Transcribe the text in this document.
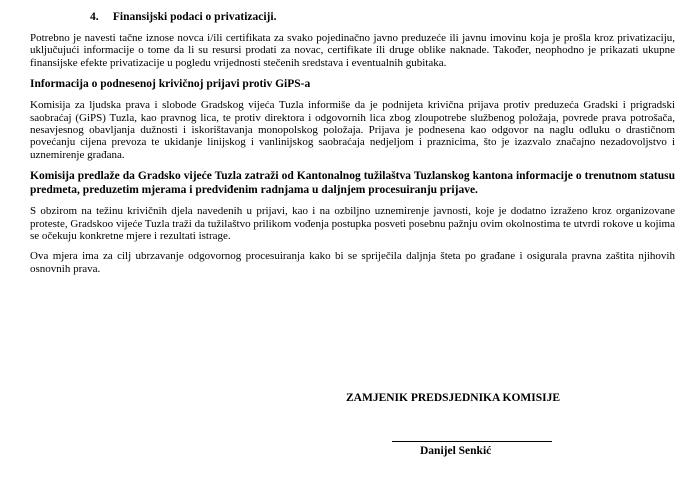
4. Finansijski podaci o privatizaciji.

Potrebno je navesti tačne iznose novca i/ili certifikata za svako pojedinačno javno preduzeće ili javnu imovinu koja je prošla kroz privatizaciju, uključujući informacije o tome da li su resursi prodati za novac, certifikate ili druge oblike naknade. Također, neophodno je prikazati ukupne finansijske efekte privatizacije u pogledu vrijednosti stečenih sredstava i eventualnih gubitaka.

Informacija o podnesenoj krivičnoj prijavi protiv GiPS-a

Komisija za ljudska prava i slobode Gradskog vijeća Tuzla informiše da je podnijeta krivična prijava protiv preduzeća Gradski i prigradski saobraćaj (GiPS) Tuzla, kao pravnog lica, te protiv direktora i odgovornih lica zbog zloupotrebe službenog položaja, povrede prava potrošača, nesavjesnog obavljanja dužnosti i iskorištavanja monopolskog položaja. Prijava je podnesena kao odgovor na naglu odluku o drastičnom povećanju cijena prevoza te ukidanje linijskog i vanlinijskog saobraćaja nedjeljom i praznicima, što je izazvalo značajno nezadovoljstvo i uznemirenje građana.

Komisija predlaže da Gradsko vijeće Tuzla zatraži od Kantonalnog tužilaštva Tuzlanskog kantona informacije o trenutnom statusu predmeta, preduzetim mjerama i predviđenim radnjama u daljnjem procesuiranju prijave.

S obzirom na težinu krivičnih djela navedenih u prijavi, kao i na ozbiljno uznemirenje javnosti, koje je dodatno izraženo kroz organizovane proteste, Gradskoo vijeće Tuzla traži da tužilaštvo prilikom vođenja postupka posveti posebnu pažnju ovim okolnostima te utvrdi rokove u kojima se očekuju konkretne mjere i rezultati istrage.

Ova mjera ima za cilj ubrzavanje odgovornog procesuiranja kako bi se spriječila daljnja šteta po građane i osigurala pravna zaštita njihovih osnovnih prava.

ZAMJENIK PREDSJEDNIKA KOMISIJE
Danijel Senkić
